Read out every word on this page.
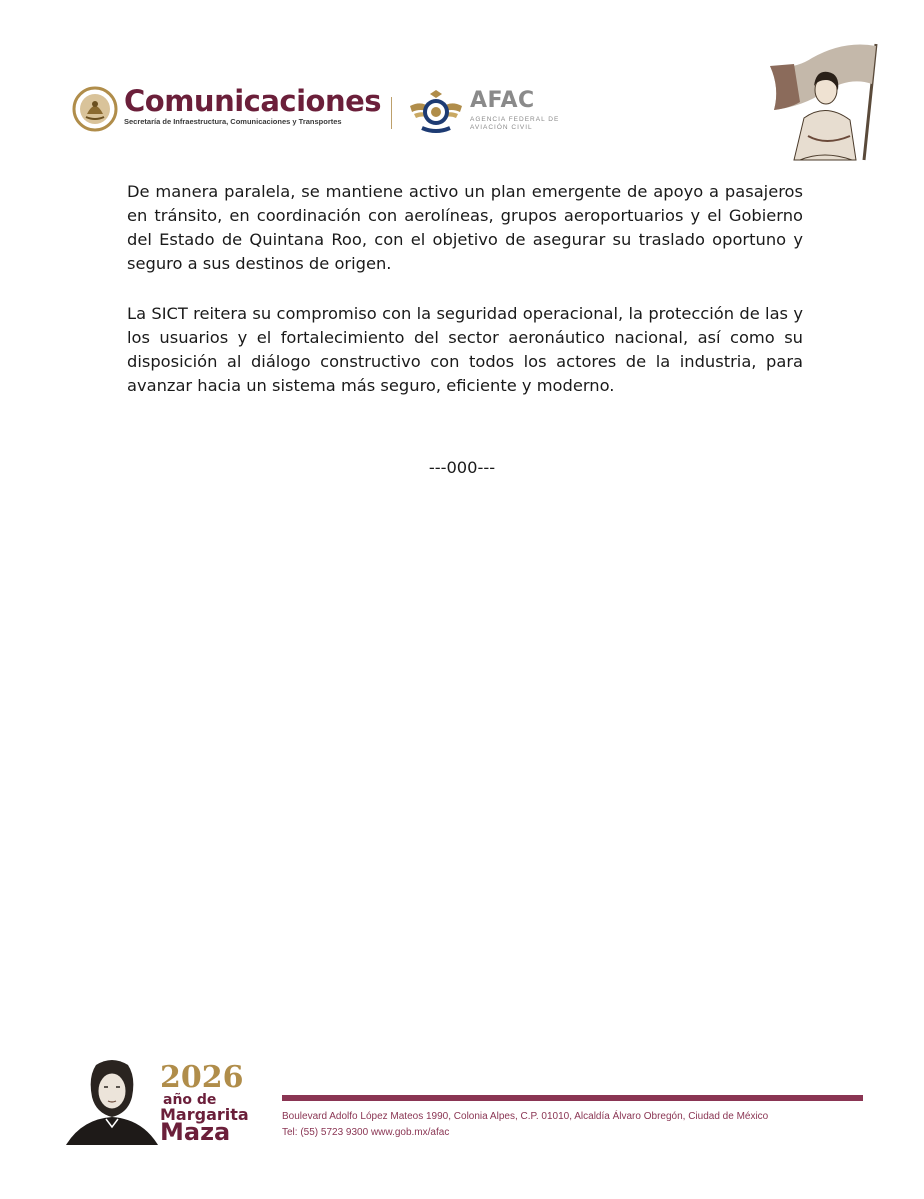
Comunicaciones
Secretaría de Infraestructura, Comunicaciones y Transportes
AFAC
AGENCIA FEDERAL DE AVIACIÓN CIVIL

De manera paralela, se mantiene activo un plan emergente de apoyo a pasajeros en tránsito, en coordinación con aerolíneas, grupos aeroportuarios y el Gobierno del Estado de Quintana Roo, con el objetivo de asegurar su traslado oportuno y seguro a sus destinos de origen.

La SICT reitera su compromiso con la seguridad operacional, la protección de las y los usuarios y el fortalecimiento del sector aeronáutico nacional, así como su disposición al diálogo constructivo con todos los actores de la industria, para avanzar hacia un sistema más seguro, eficiente y moderno.

---000---
2026
año de
Margarita
Maza
Boulevard Adolfo López Mateos 1990, Colonia Alpes, C.P. 01010, Alcaldía Álvaro Obregón, Ciudad de México
Tel: (55) 5723 9300 www.gob.mx/afac
